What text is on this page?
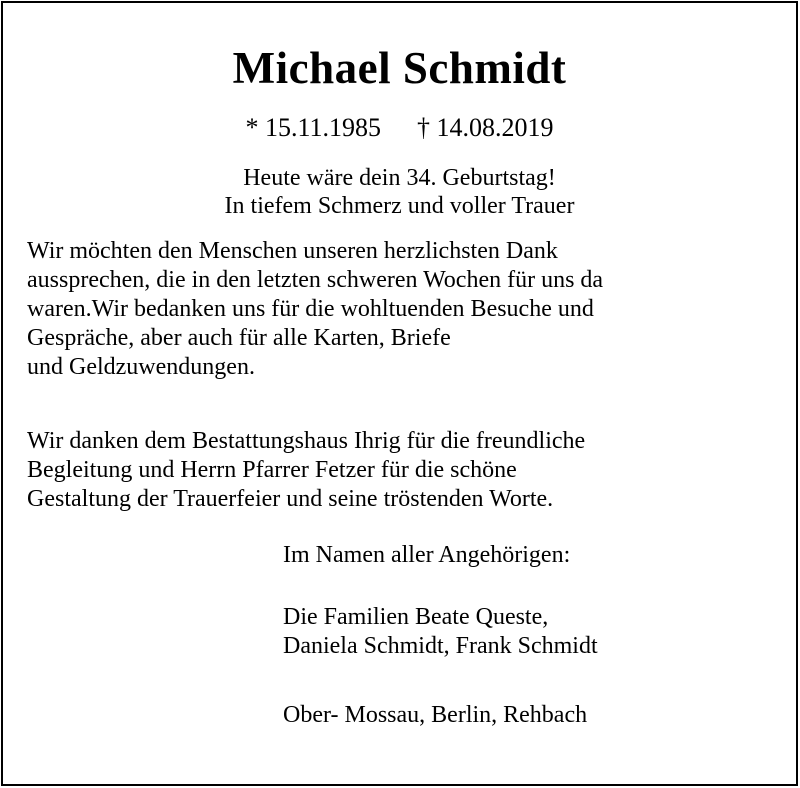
Michael Schmidt
* 15.11.1985 † 14.08.2019
Heute wäre dein 34. Geburtstag!
In tiefem Schmerz und voller Trauer
Wir möchten den Menschen unseren herzlichsten Dank
aussprechen, die in den letzten schweren Wochen für uns da
waren.Wir bedanken uns für die wohltuenden Besuche und
Gespräche, aber auch für alle Karten, Briefe
und Geldzuwendungen.
Wir danken dem Bestattungshaus Ihrig für die freundliche
Begleitung und Herrn Pfarrer Fetzer für die schöne
Gestaltung der Trauerfeier und seine tröstenden Worte.
Im Namen aller Angehörigen:
Die Familien Beate Queste,
Daniela Schmidt, Frank Schmidt
Ober- Mossau, Berlin, Rehbach
